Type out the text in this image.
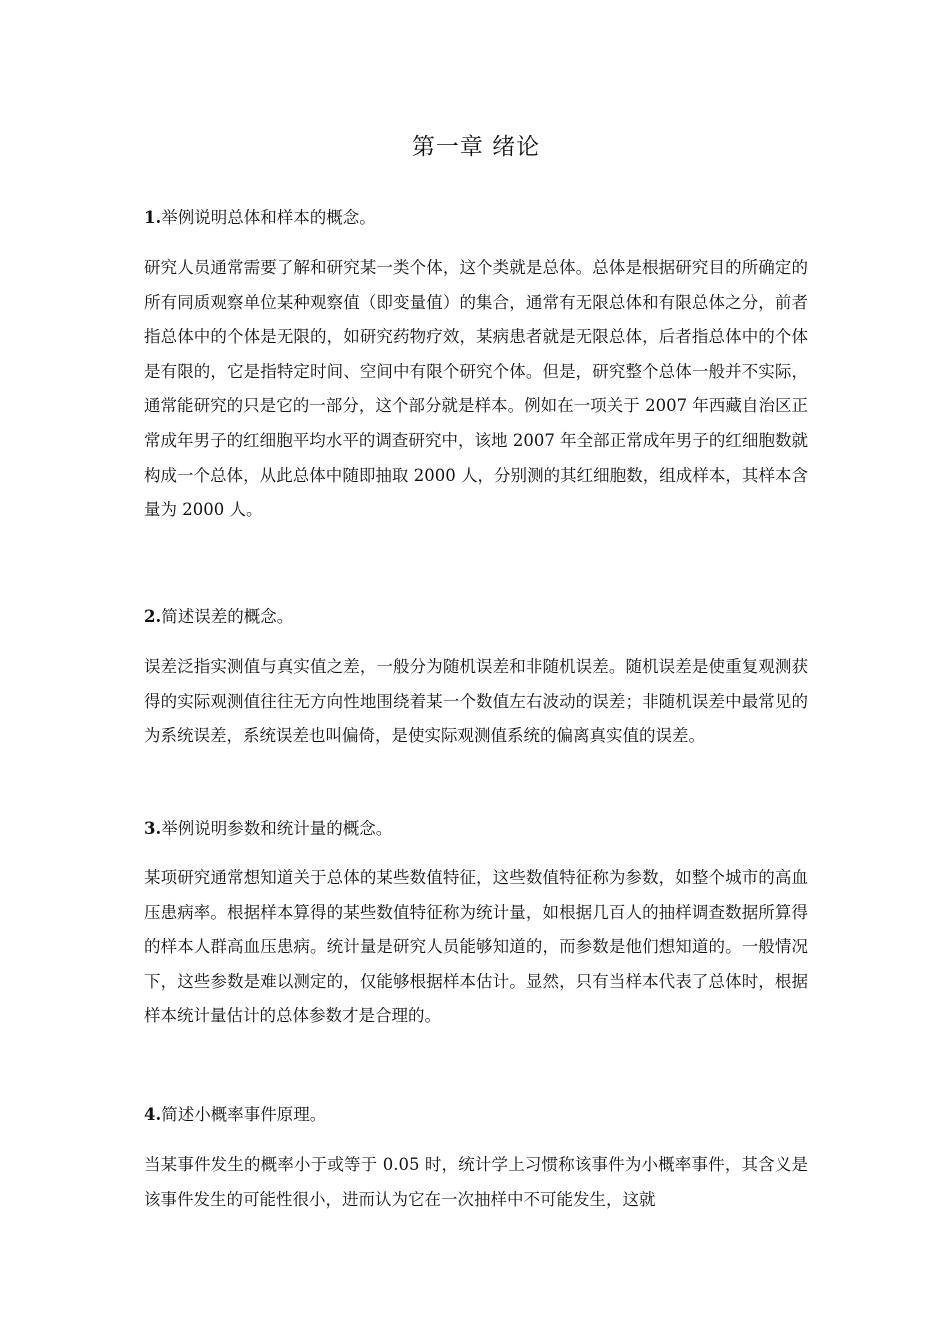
第一章 绪论

1.举例说明总体和样本的概念。

研究人员通常需要了解和研究某一类个体，这个类就是总体。总体是根据研究目的所确定的所有同质观察单位某种观察值（即变量值）的集合，通常有无限总体和有限总体之分，前者指总体中的个体是无限的，如研究药物疗效，某病患者就是无限总体，后者指总体中的个体是有限的，它是指特定时间、空间中有限个研究个体。但是，研究整个总体一般并不实际，通常能研究的只是它的一部分，这个部分就是样本。例如在一项关于 2007 年西藏自治区正常成年男子的红细胞平均水平的调查研究中，该地 2007 年全部正常成年男子的红细胞数就构成一个总体，从此总体中随即抽取 2000 人，分别测的其红细胞数，组成样本，其样本含量为 2000 人。

2.简述误差的概念。

误差泛指实测值与真实值之差，一般分为随机误差和非随机误差。随机误差是使重复观测获得的实际观测值往往无方向性地围绕着某一个数值左右波动的误差；非随机误差中最常见的为系统误差，系统误差也叫偏倚，是使实际观测值系统的偏离真实值的误差。

3.举例说明参数和统计量的概念。

某项研究通常想知道关于总体的某些数值特征，这些数值特征称为参数，如整个城市的高血压患病率。根据样本算得的某些数值特征称为统计量，如根据几百人的抽样调查数据所算得的样本人群高血压患病。统计量是研究人员能够知道的，而参数是他们想知道的。一般情况下，这些参数是难以测定的，仅能够根据样本估计。显然，只有当样本代表了总体时，根据样本统计量估计的总体参数才是合理的。

4.简述小概率事件原理。

当某事件发生的概率小于或等于 0.05 时，统计学上习惯称该事件为小概率事件，其含义是该事件发生的可能性很小，进而认为它在一次抽样中不可能发生，这就
